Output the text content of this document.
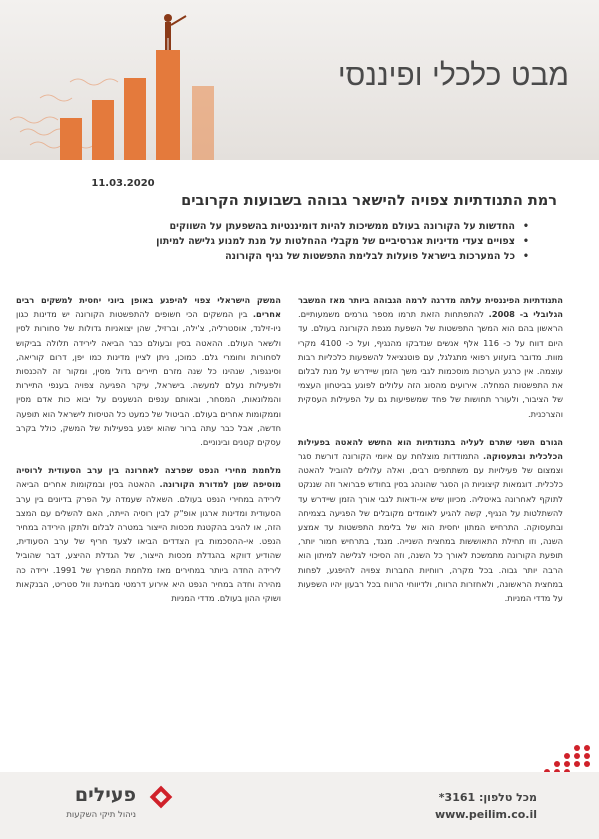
מבט כלכלי ופיננסי
11.03.2020
רמת התנודתיות צפויה להישאר גבוהה בשבועות הקרובים
• החדשות על הקורונה בעולם ממשיכות להיות דומיננטיות בהשפעתן על השווקים
• צפויים צעדי מדיניות אגרסיביים של מקבלי ההחלטות על מנת למנוע גלישה למיתון
• כל המערכות בישראל פועלות לבלימת התפשטות של נגיף הקורונה

התנודתיות הפיננסית עלתה מדרגה לרמה הגבוהה ביותר מאז המשבר הגלובלי ב- 2008. להתפתחות הזאת תרמו מספר גורמים משמעותיים. הראשון בהם הוא המשך התפשטות של השפעת מגפת הקורונה בעולם. עד היום דווח על כ- 116 אלף אנשים שנדבקו מהנגיף, ועל כ- 4100 מקרי מוות. מדובר בזעזוע רפואי מתגלגל, עם פוטנציאל להשפעות כלכליות רבות עוצמה. אין כרגע הערכות מוסכמות לגבי משך הזמן שיידרש על מנת לבלום את התפשטות המחלה. אירועים מהסוג הזה עלולים לפוגע בביטחון העצמי של הציבור, ולעורר תחושות של פחד שמשפיעות גם על הפעילות העסקית והצרכנית.

הגורם השני שתרם לעליה בתנודתיות הוא החשש להאטה בפעילות הכלכלית ובתעסוקה. התמודדות מוצלחת עם איומי הקורונה דורשת סגר וצמצום של פעילויות עם משתתפים רבים, ואלה עלולים להוביל להאטה כלכלית. דוגמאות קיצוניות הן הסגר שהונהג בסין בחודש פברואר וזה שננקט לתוקף לאחרונה באיטליה. מכיוון שיש אי-ודאות לגבי אורך הזמן שיידרש עד להשתלטות על הנגיף, קשה להגיע לאומדים מקובלים של הפגיעה בצמיחה ובתעסוקה. התרחיש המתון יחסית הוא של בלימת התפשטות עד אמצע השנה, וזו תחילת התאוששות במחצית השנייה. מנגד, בתרחיש חמור יותר, תופעת הקורונה מתמשכת לאורך כל השנה, וזה הסיכוי לגלישה למיתון הוא הרבה יותר גבוה. בכל מקרה, רווחיות החברות צפויה להיפגע, לפחות במחצית הראשונה, ולאחזרות הרווח, ולדיווחי הרווח בכל רבעון יהיו השפעות על מדדי המניות.

המשק הישראלי צפוי להיפגע באופן ביוני יחסית למשקים רבים אחרים. בין המשקים הכי חשופים להתפשטות הקורונה יש מדינות כגון ניו-זילנד, אוסטרליה, צ'ילה, וברזיל, שהן יצואניות גדולות של סחורות לסין ולשאר העולם. ההאטה בסין ובעולם כבר הביאה לירידה תלולה בביקוש לסחורות וחומרי גלם. כמוכן, ניתן לציין מדינות כמו יפן, דרום קוריאה, וסינגפור, שנהינו כל שנה מזרם תיירים גדול מסין, ומקור זה להכנסות ולפעילות נעלם למעשה. בישראל, עיקר הפגיעה צפויה בענפי התיירות והמלונאות, המסחר, ובאותם ענפים הנשענים על יבוא כות אדם מסין וממקומות אחרים בעולם. הביטול של כמעט כל הטיסות לישראל הוא תופעה חדשה, אבל כבר עתה ברור שהוא יפגע בפעילות של המשק, כולל בקרב עסקים קטנים ובינוניים.

מלחמת מחירי הנפט שפרצה לאחרונה בין ערב הסעודית לרוסיה מוסיפה שמן למדורת הקורונה. ההאטה בסין ובמקומות אחרים הביאה לירידה במחירי הנפט בעולם. השאלה שעמדה על הפרק בדיונים בין ערב הסעודית ומדינות ארגון אופ"ק לבין רוסיה הייתה, האם להשלים עם המצב הזה, או להגיב בהקטנת מכסות הייצור במטרה לבלום ולתקן הירידה במחיר הנפט. אי-ההסכמות בין הצדדים הביאו לצעד חריף של ערב הסעודית, שהודיע דווקא בהגדלת מכסות הייצור, של הגדלת ההיצע, דבר שהוביל לירידה החדה ביותר במחירים מאז מלחמת המפרץ של 1991. ירידה כה מהירה וחדה במחיר הנפט היא אירוע דרמטי מבחינת וול סטריט, הבנקאות ושוקי ההון בעולם. מדדי המניות

פעילים
ניהול תיקי השקעות
מכל טלפון: *3161
www.peilim.co.il
